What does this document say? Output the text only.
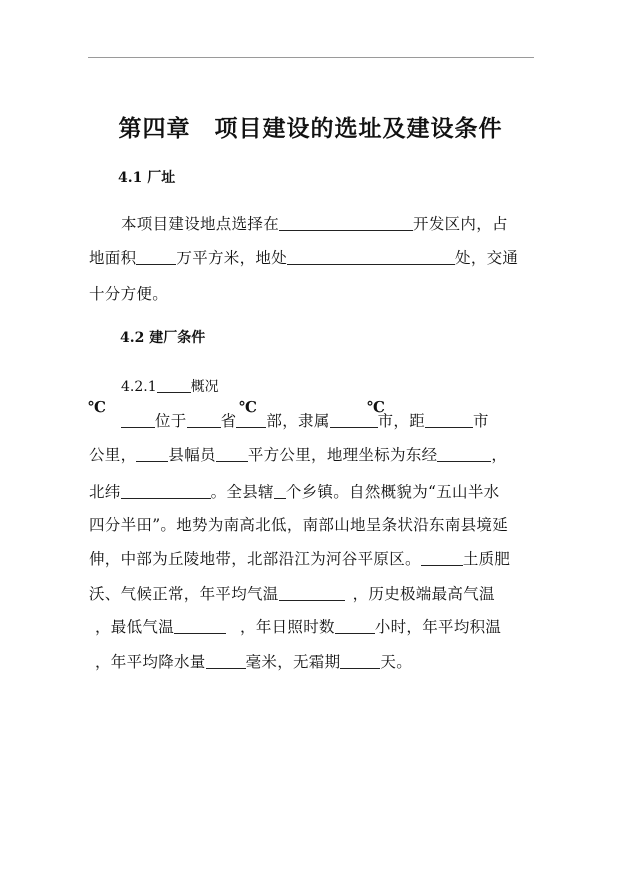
第四章　项目建设的选址及建设条件
4.1 厂址
本项目建设地点选择在	开发区内，占
地面积	万平方米，地处	处，交通
十分方便。
4.2 建厂条件
4.2.1 概况
℃	℃	℃
位于 省 部，隶属	市，距	市
公里， 县幅员 平方公里，地理坐标为东经	，
北纬	。全县辖 个乡镇。自然概貌为“五山半水
四分半田”。地势为南高北低，南部山地呈条状沿东南县境延
伸，中部为丘陵地带，北部沿江为河谷平原区。	土质肥
沃、气候正常，年平均气温	，历史极端最高气温
，最低气温	，年日照时数	小时，年平均积温
，年平均降水量	毫米，无霜期	天。
